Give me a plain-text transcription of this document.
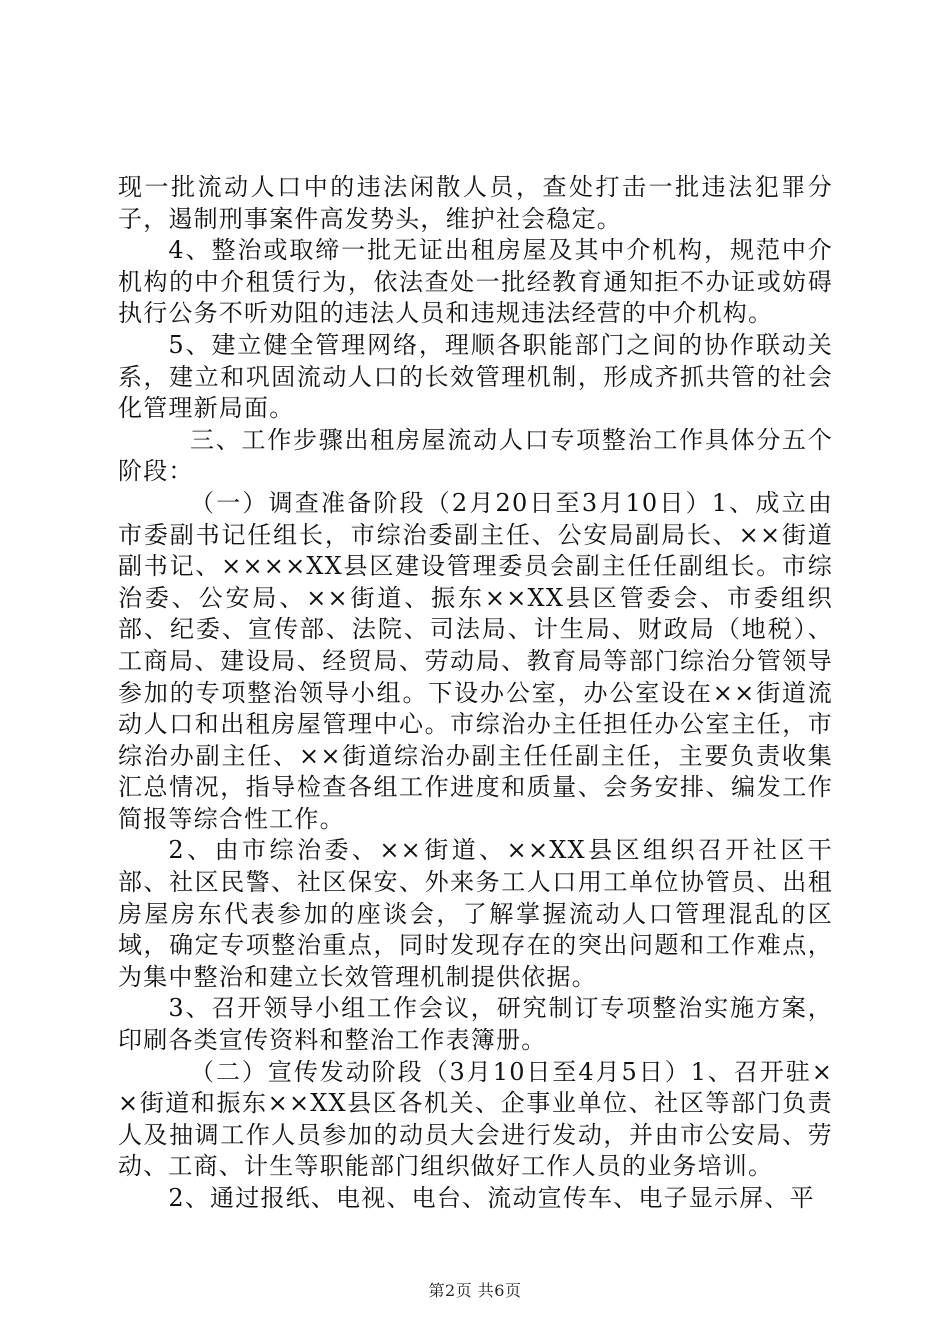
现一批流动人口中的违法闲散人员，查处打击一批违法犯罪分子，遏制刑事案件高发势头，维护社会稳定。

4、整治或取缔一批无证出租房屋及其中介机构，规范中介机构的中介租赁行为，依法查处一批经教育通知拒不办证或妨碍执行公务不听劝阻的违法人员和违规违法经营的中介机构。

5、建立健全管理网络，理顺各职能部门之间的协作联动关系，建立和巩固流动人口的长效管理机制，形成齐抓共管的社会化管理新局面。

三、工作步骤出租房屋流动人口专项整治工作具体分五个阶段：

（一）调查准备阶段（2月20日至3月10日）1、成立由市委副书记任组长，市综治委副主任、公安局副局长、××街道副书记、××××XX县区建设管理委员会副主任任副组长。市综治委、公安局、××街道、振东××XX县区管委会、市委组织部、纪委、宣传部、法院、司法局、计生局、财政局（地税）、工商局、建设局、经贸局、劳动局、教育局等部门综治分管领导参加的专项整治领导小组。下设办公室，办公室设在××街道流动人口和出租房屋管理中心。市综治办主任担任办公室主任，市综治办副主任、××街道综治办副主任任副主任，主要负责收集汇总情况，指导检查各组工作进度和质量、会务安排、编发工作简报等综合性工作。

2、由市综治委、××街道、××XX县区组织召开社区干部、社区民警、社区保安、外来务工人口用工单位协管员、出租房屋房东代表参加的座谈会，了解掌握流动人口管理混乱的区域，确定专项整治重点，同时发现存在的突出问题和工作难点，为集中整治和建立长效管理机制提供依据。

3、召开领导小组工作会议，研究制订专项整治实施方案，印刷各类宣传资料和整治工作表簿册。

（二）宣传发动阶段（3月10日至4月5日）1、召开驻××街道和振东××XX县区各机关、企事业单位、社区等部门负责人及抽调工作人员参加的动员大会进行发动，并由市公安局、劳动、工商、计生等职能部门组织做好工作人员的业务培训。

2、通过报纸、电视、电台、流动宣传车、电子显示屏、平

第2页 共6页
